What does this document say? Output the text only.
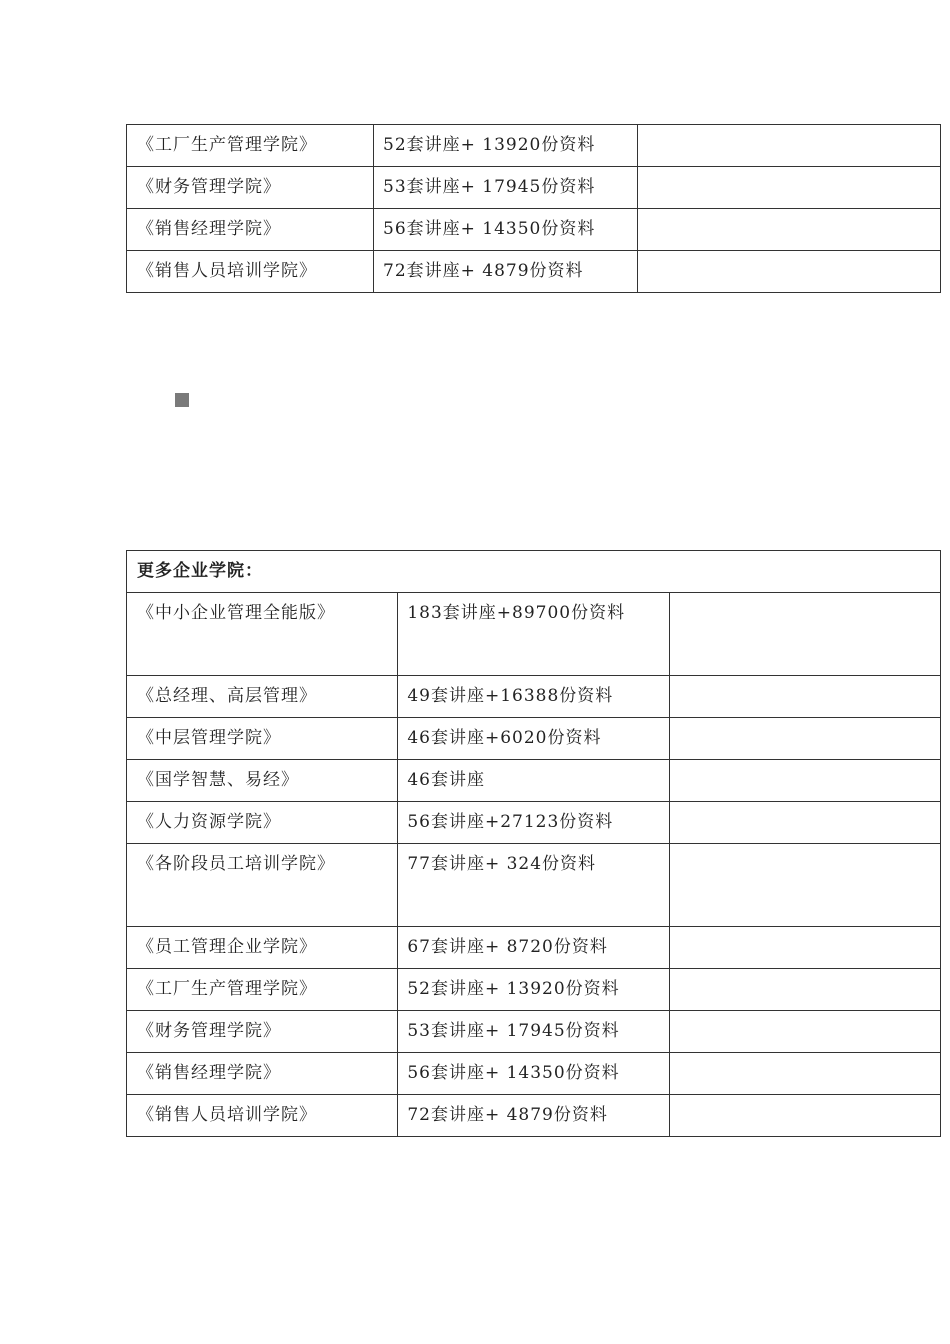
《工厂生产管理学院》	52套讲座+ 13920份资料	
《财务管理学院》	53套讲座+ 17945份资料	
《销售经理学院》	56套讲座+ 14350份资料	
《销售人员培训学院》	72套讲座+ 4879份资料	
更多企业学院：		
《中小企业管理全能版》	183套讲座+89700份资料	
《总经理、高层管理》	49套讲座+16388份资料	
《中层管理学院》	46套讲座+6020份资料	
《国学智慧、易经》	46套讲座	
《人力资源学院》	56套讲座+27123份资料	
《各阶段员工培训学院》	77套讲座+ 324份资料	
《员工管理企业学院》	67套讲座+ 8720份资料	
《工厂生产管理学院》	52套讲座+ 13920份资料	
《财务管理学院》	53套讲座+ 17945份资料	
《销售经理学院》	56套讲座+ 14350份资料	
《销售人员培训学院》	72套讲座+ 4879份资料	
